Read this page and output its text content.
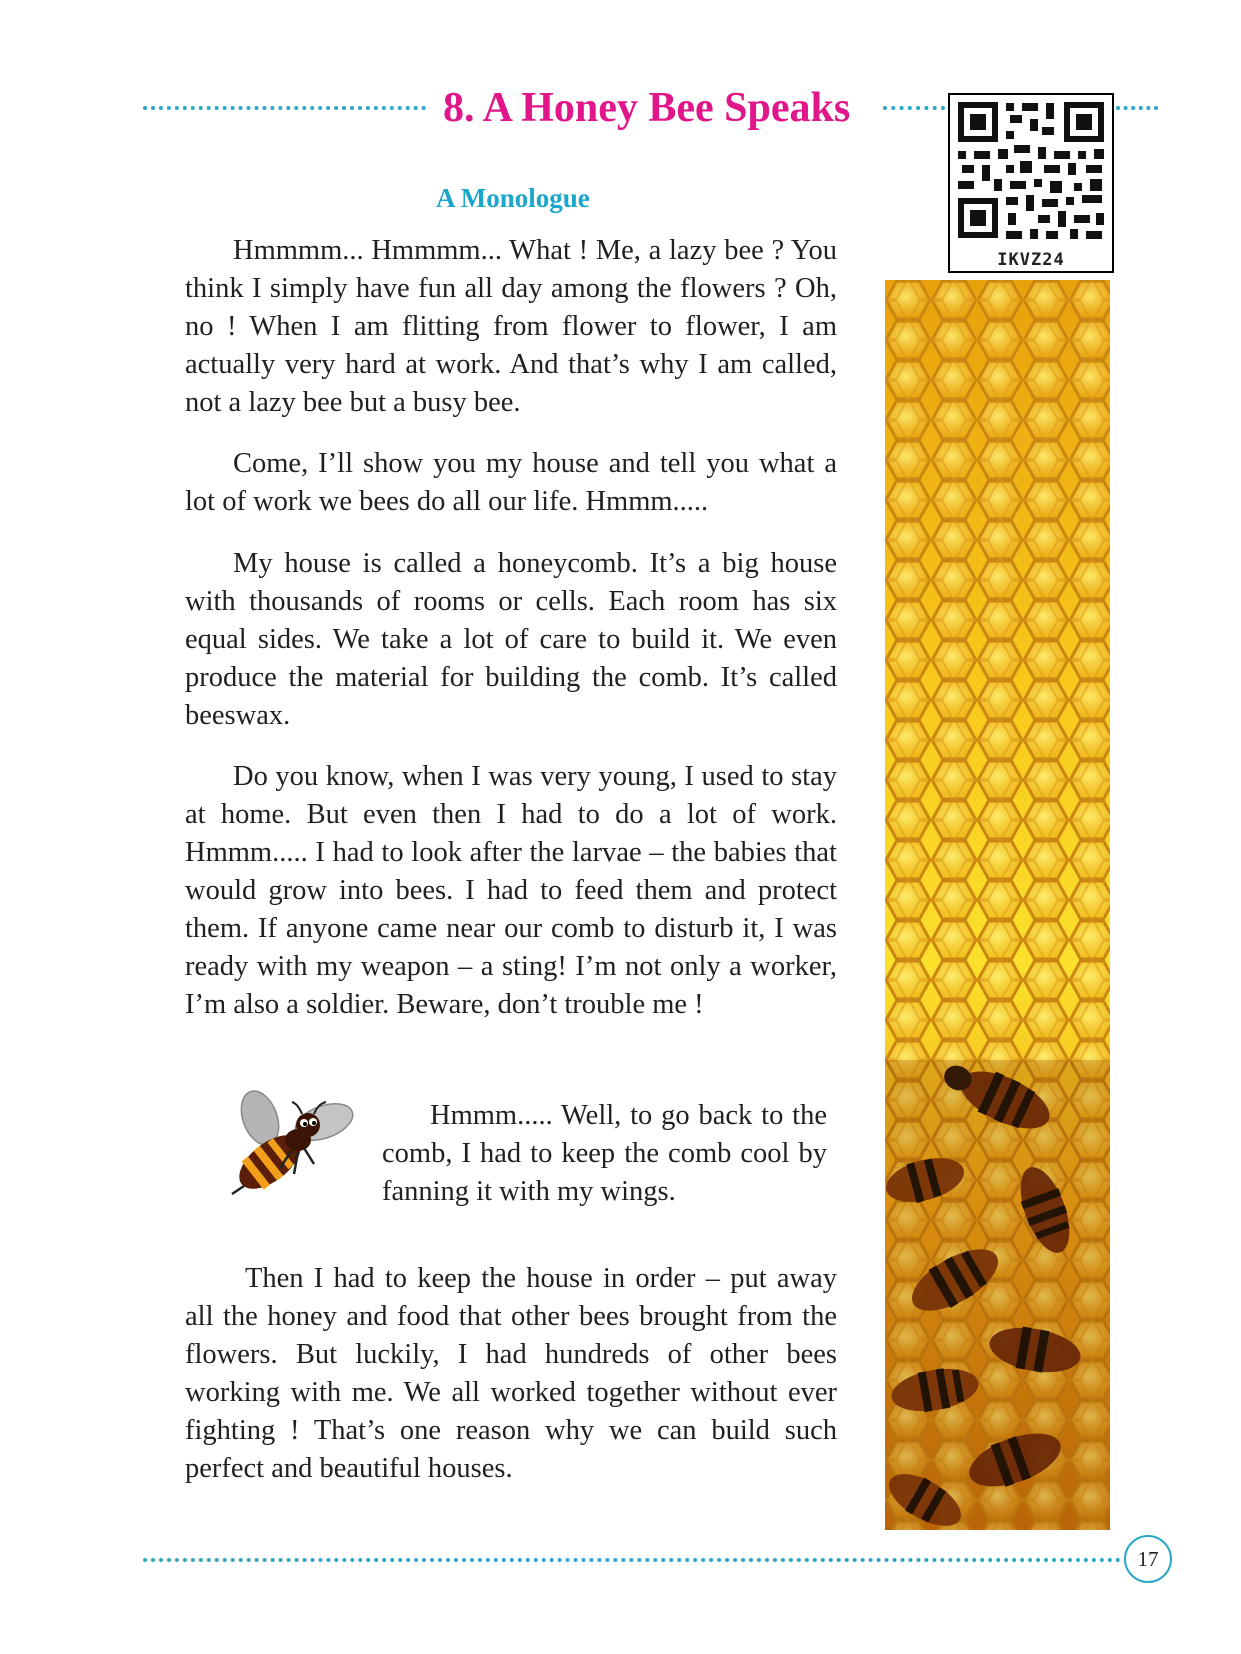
8. A Honey Bee Speaks
IKVZ24
A Monologue

Hmmmm... Hmmmm... What ! Me, a lazy bee ? You think I simply have fun all day among the flowers ? Oh, no ! When I am flitting from flower to flower, I am actually very hard at work. And that’s why I am called, not a lazy bee but a busy bee.

Come, I’ll show you my house and tell you what a lot of work we bees do all our life. Hmmm.....

My house is called a honeycomb. It’s a big house with thousands of rooms or cells. Each room has six equal sides. We take a lot of care to build it. We even produce the material for building the comb. It’s called beeswax.

Do you know, when I was very young, I used to stay at home. But even then I had to do a lot of work. Hmmm..... I had to look after the larvae – the babies that would grow into bees. I had to feed them and protect them. If anyone came near our comb to disturb it, I was ready with my weapon – a sting! I’m not only a worker, I’m also a soldier. Beware, don’t trouble me !

Hmmm..... Well, to go back to the comb, I had to keep the comb cool by fanning it with my wings.

Then I had to keep the house in order – put away all the honey and food that other bees brought from the flowers. But luckily, I had hundreds of other bees working with me. We all worked together without ever fighting ! That’s one reason why we can build such perfect and beautiful houses.

17
